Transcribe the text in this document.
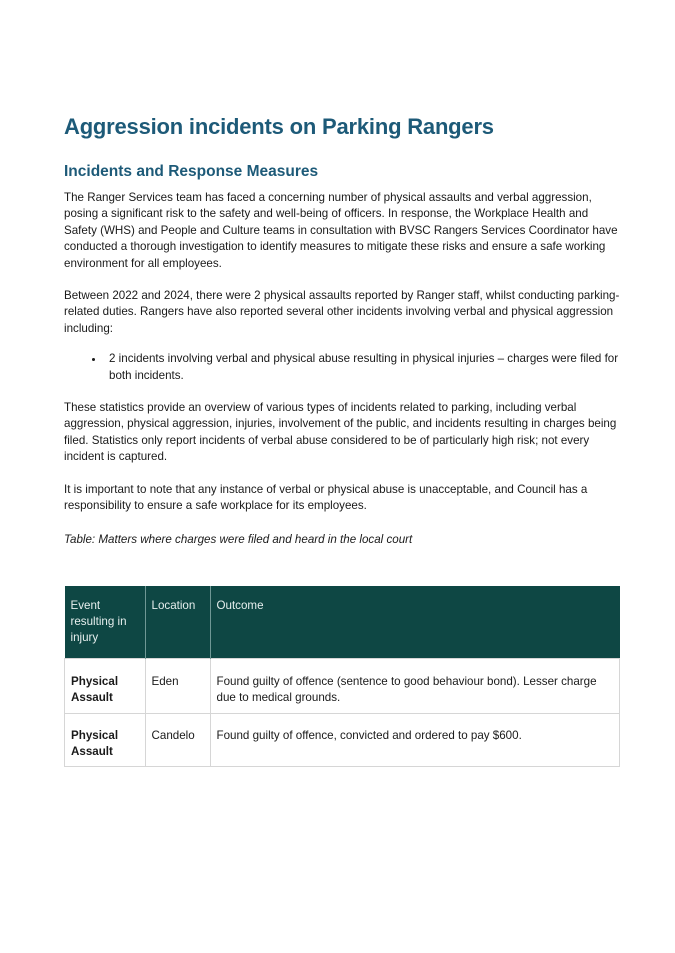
Aggression incidents on Parking Rangers
Incidents and Response Measures

The Ranger Services team has faced a concerning number of physical assaults and verbal aggression, posing a significant risk to the safety and well-being of officers. In response, the Workplace Health and Safety (WHS) and People and Culture teams in consultation with BVSC Rangers Services Coordinator have conducted a thorough investigation to identify measures to mitigate these risks and ensure a safe working environment for all employees.

Between 2022 and 2024, there were 2 physical assaults reported by Ranger staff, whilst conducting parking-related duties. Rangers have also reported several other incidents involving verbal and physical aggression including:

• 2 incidents involving verbal and physical abuse resulting in physical injuries – charges were filed for both incidents.

These statistics provide an overview of various types of incidents related to parking, including verbal aggression, physical aggression, injuries, involvement of the public, and incidents resulting in charges being filed. Statistics only report incidents of verbal abuse considered to be of particularly high risk; not every incident is captured.

It is important to note that any instance of verbal or physical abuse is unacceptable, and Council has a responsibility to ensure a safe workplace for its employees.

Table: Matters where charges were filed and heard in the local court

Event resulting in injury	Location	Outcome
Physical Assault	Eden	Found guilty of offence (sentence to good behaviour bond). Lesser charge due to medical grounds.
Physical Assault	Candelo	Found guilty of offence, convicted and ordered to pay $600.
